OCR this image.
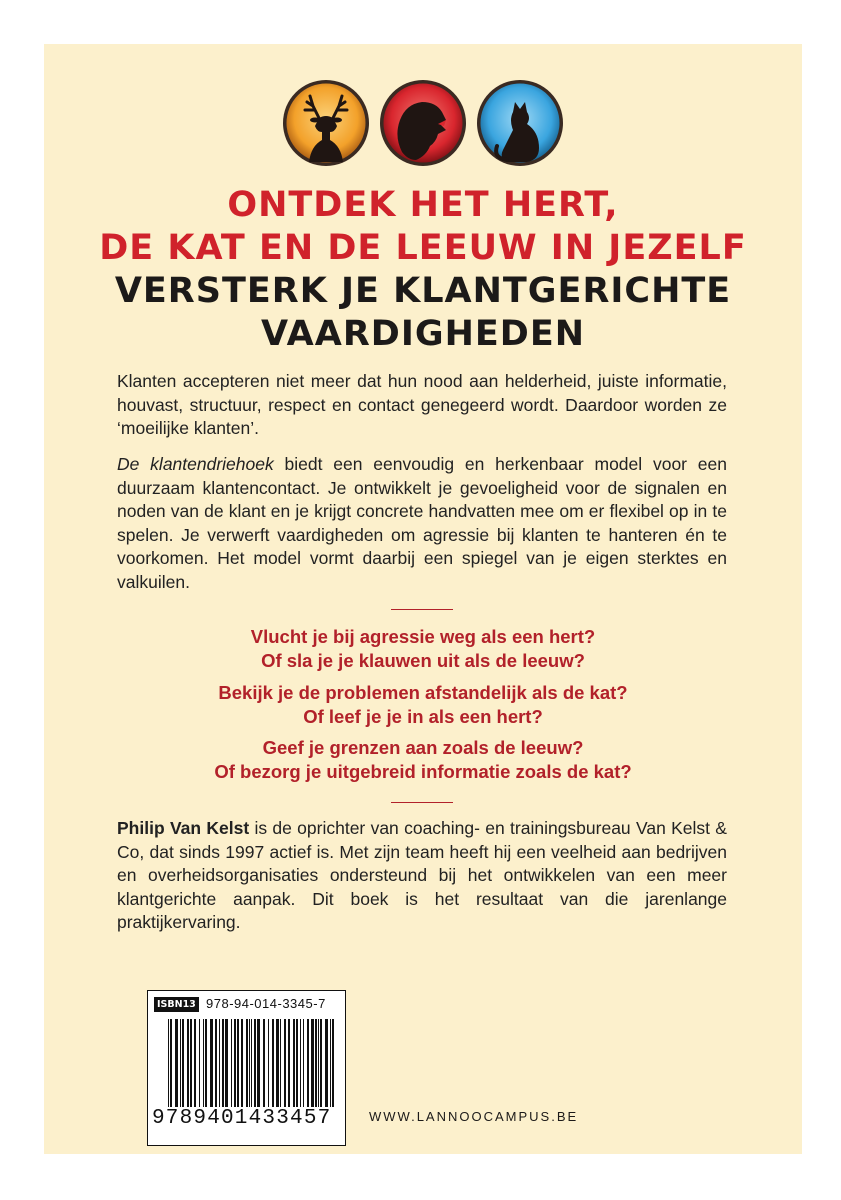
ONTDEK HET HERT,
DE KAT EN DE LEEUW IN JEZELF
VERSTERK JE KLANTGERICHTE
VAARDIGHEDEN

Klanten accepteren niet meer dat hun nood aan helderheid, juiste informatie, houvast, structuur, respect en contact genegeerd wordt. Daardoor worden ze ‘moeilijke klanten’.

De klantendriehoek biedt een eenvoudig en herkenbaar model voor een duurzaam klantencontact. Je ontwikkelt je gevoeligheid voor de signalen en noden van de klant en je krijgt concrete handvatten mee om er flexibel op in te spelen. Je verwerft vaardigheden om agressie bij klanten te hanteren én te voorkomen. Het model vormt daarbij een spiegel van je eigen sterktes en valkuilen.

Vlucht je bij agressie weg als een hert?
Of sla je je klauwen uit als de leeuw?
Bekijk je de problemen afstandelijk als de kat?
Of leef je je in als een hert?
Geef je grenzen aan zoals de leeuw?
Of bezorg je uitgebreid informatie zoals de kat?

Philip Van Kelst is de oprichter van coaching- en trainingsbureau Van Kelst & Co, dat sinds 1997 actief is. Met zijn team heeft hij een veelheid aan bedrijven en overheidsorganisaties ondersteund bij het ontwikkelen van een meer klantgerichte aanpak. Dit boek is het resultaat van die jarenlange praktijkervaring.

ISBN13 978-94-014-3345-7
9789401433457	WWW.LANNOOCAMPUS.BE
